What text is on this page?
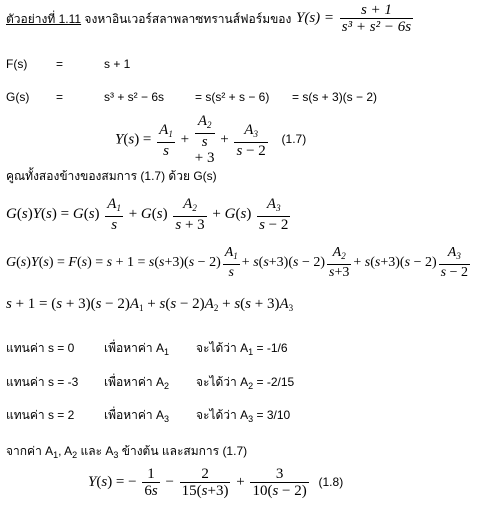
ตัวอย่างที่ 1.11 จงหาอินเวอร์สลาพลาซทรานส์ฟอร์มของ $Y(s) = \frac{s + 1}{\text{s³ + s² − 6s}}$
F(s) =	s + 1
G(s) =	s³ + s² − 6s	= s(s² + s − 6) = s(s + 3)(s − 2)
$Y(s) = \frac{A_1}{s}$ +
$A_2$
s
+ $3 + \frac{A_3}{s - 2} (1.7)$
คูณทั้งสองข้างของสมการ (1.7) ด้วย G(s)
$G(s)Y(s) = G(s) \frac{A_1}{s} + G(s) \frac{A_2}{s + 3} + G(s) \frac{A_3}{s - 2}$
$G(s)Y(s) = F(s) = s + 1 = s(s+3)(s - 2) \frac{A_1}{s} + s(s+3)(s - 2) \frac{A_2}{s+3} + s(s+3)(s - 2) \frac{A_3}{s - 2}$
$s + 1 = (s + 3)(s - 2)A_1 + s(s - 2)A_2 + s(s + 3)A_3$
แทนค่า s = 0 เพื่อหาค่า $A_1$ จะได้ว่า $A_1 = -1/6$
แทนค่า s = -3 เพื่อหาค่า $A_2$ จะได้ว่า $A_2 = -2/15$
แทนค่า s = 2 เพื่อหาค่า $A_3$ จะได้ว่า $A_3 = 3/10$
จากค่า $A_1$, $A_2$ และ $A_3$ ข้างต้น และสมการ (1.7)
Y(s) = − $\frac{1}{6s} - \frac{2}{15(s+3)} + \frac{3}{10(s - 2)} (1.8)$
